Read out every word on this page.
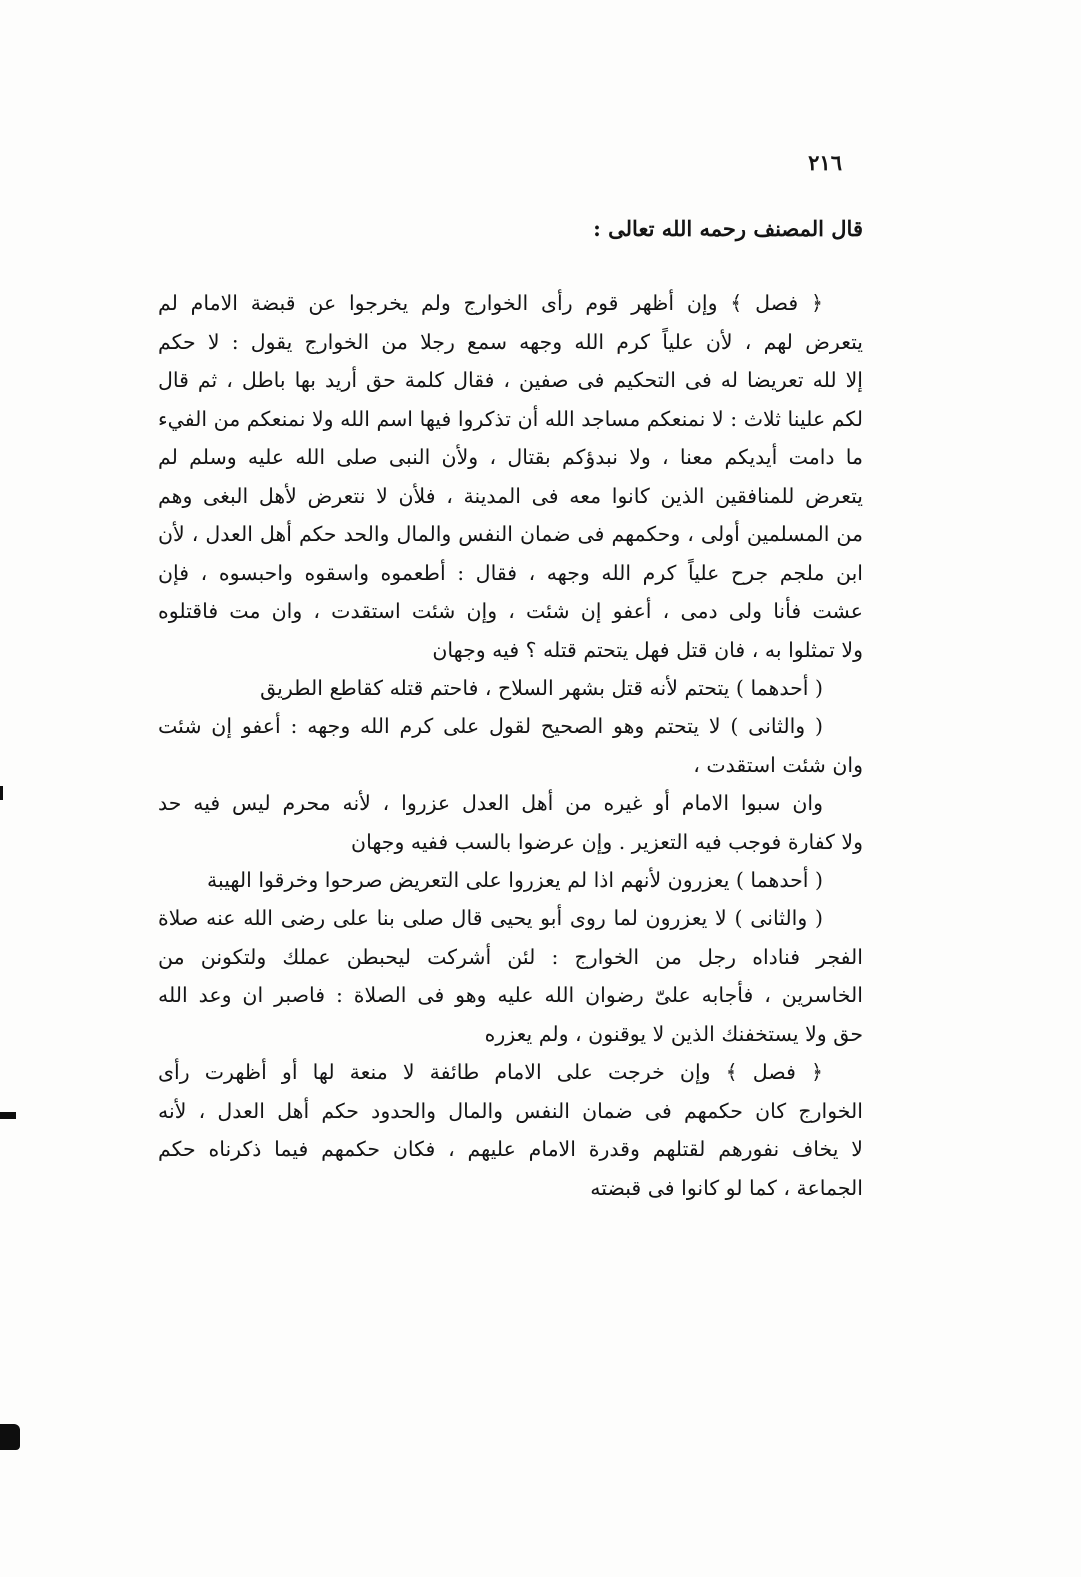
٢١٦
قال المصنف رحمه الله تعالى :
﴿ فصل ﴾ وإن أظهر قوم رأى الخوارج ولم يخرجوا عن قبضة الامام لم
يتعرض لهم ، لأن علياً كرم الله وجهه سمع رجلا من الخوارج يقول : لا حكم
إلا لله تعريضا له فى التحكيم فى صفين ، فقال كلمة حق أريد بها باطل ، ثم قال
لكم علينا ثلاث : لا نمنعكم مساجد الله أن تذكروا فيها اسم الله ولا نمنعكم من الفيء
ما دامت أيديكم معنا ، ولا نبدؤكم بقتال ، ولأن النبى صلى الله عليه وسلم لم
يتعرض للمنافقين الذين كانوا معه فى المدينة ، فلأن لا نتعرض لأهل البغى وهم
من المسلمين أولى ، وحكمهم فى ضمان النفس والمال والحد حكم أهل العدل ، لأن
ابن ملجم جرح علياً كرم الله وجهه ، فقال : أطعموه واسقوه واحبسوه ، فإن
عشت فأنا ولى دمى ، أعفو إن شئت ، وإن شئت استقدت ، وان مت فاقتلوه
ولا تمثلوا به ، فان قتل فهل يتحتم قتله ؟ فيه وجهان
( أحدهما ) يتحتم لأنه قتل بشهر السلاح ، فاحتم قتله كقاطع الطريق
( والثانى ) لا يتحتم وهو الصحيح لقول على كرم الله وجهه : أعفو إن شئت
وان شئت استقدت ،
وان سبوا الامام أو غيره من أهل العدل عزروا ، لأنه محرم ليس فيه حد
ولا كفارة فوجب فيه التعزير . وإن عرضوا بالسب ففيه وجهان
( أحدهما ) يعزرون لأنهم اذا لم يعزروا على التعريض صرحوا وخرقوا الهيبة
( والثانى ) لا يعزرون لما روى أبو يحيى قال صلى بنا على رضى الله عنه صلاة
الفجر فناداه رجل من الخوارج : لئن أشركت ليحبطن عملك ولتكونن من
الخاسرين ، فأجابه علىّ رضوان الله عليه وهو فى الصلاة : فاصبر ان وعد الله
حق ولا يستخفنك الذين لا يوقنون ، ولم يعزره
﴿ فصل ﴾ وإن خرجت على الامام طائفة لا منعة لها أو أظهرت رأى
الخوارج كان حكمهم فى ضمان النفس والمال والحدود حكم أهل العدل ، لأنه
لا يخاف نفورهم لقتلهم وقدرة الامام عليهم ، فكان حكمهم فيما ذكرناه حكم
الجماعة ، كما لو كانوا فى قبضته
